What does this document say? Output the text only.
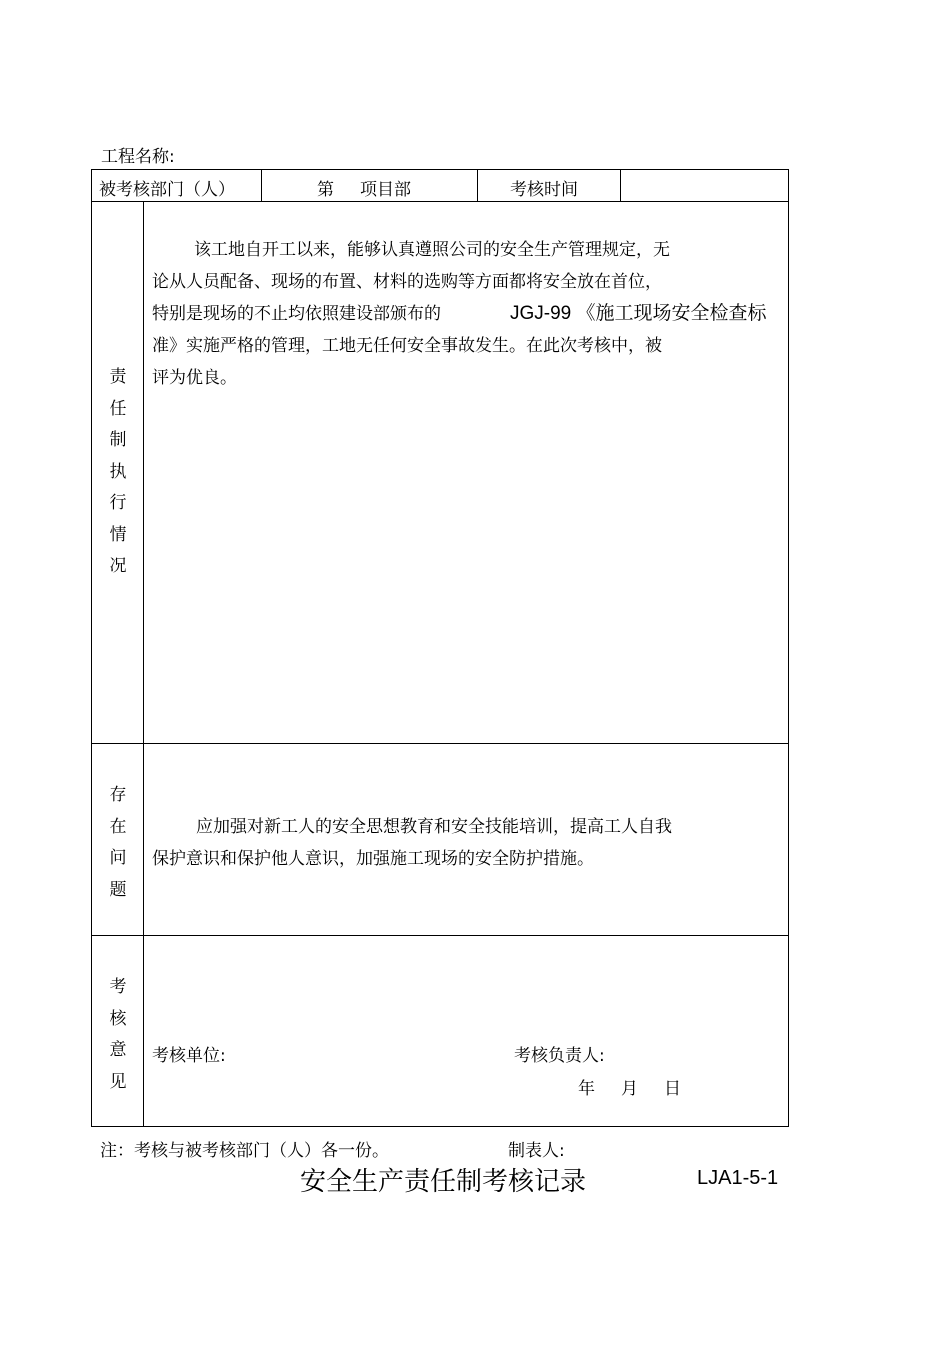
工程名称:
被考核部门（人）	第 项目部	考核时间
责
任
制
执
行
情
况
该工地自开工以来，能够认真遵照公司的安全生产管理规定，无
论从人员配备、现场的布置、材料的选购等方面都将安全放在首位，
特别是现场的不止均依照建设部颁布的	JGJ-99 《施工现场安全检查标
准》实施严格的管理，工地无任何安全事故发生。在此次考核中，被
评为优良。
存
在
问
题
应加强对新工人的安全思想教育和安全技能培训，提高工人自我
保护意识和保护他人意识，加强施工现场的安全防护措施。
考
核
意
见
考核单位:	考核负责人:
年 月 日
注：考核与被考核部门（人）各一份。	制表人:
安全生产责任制考核记录	LJA1-5-1
